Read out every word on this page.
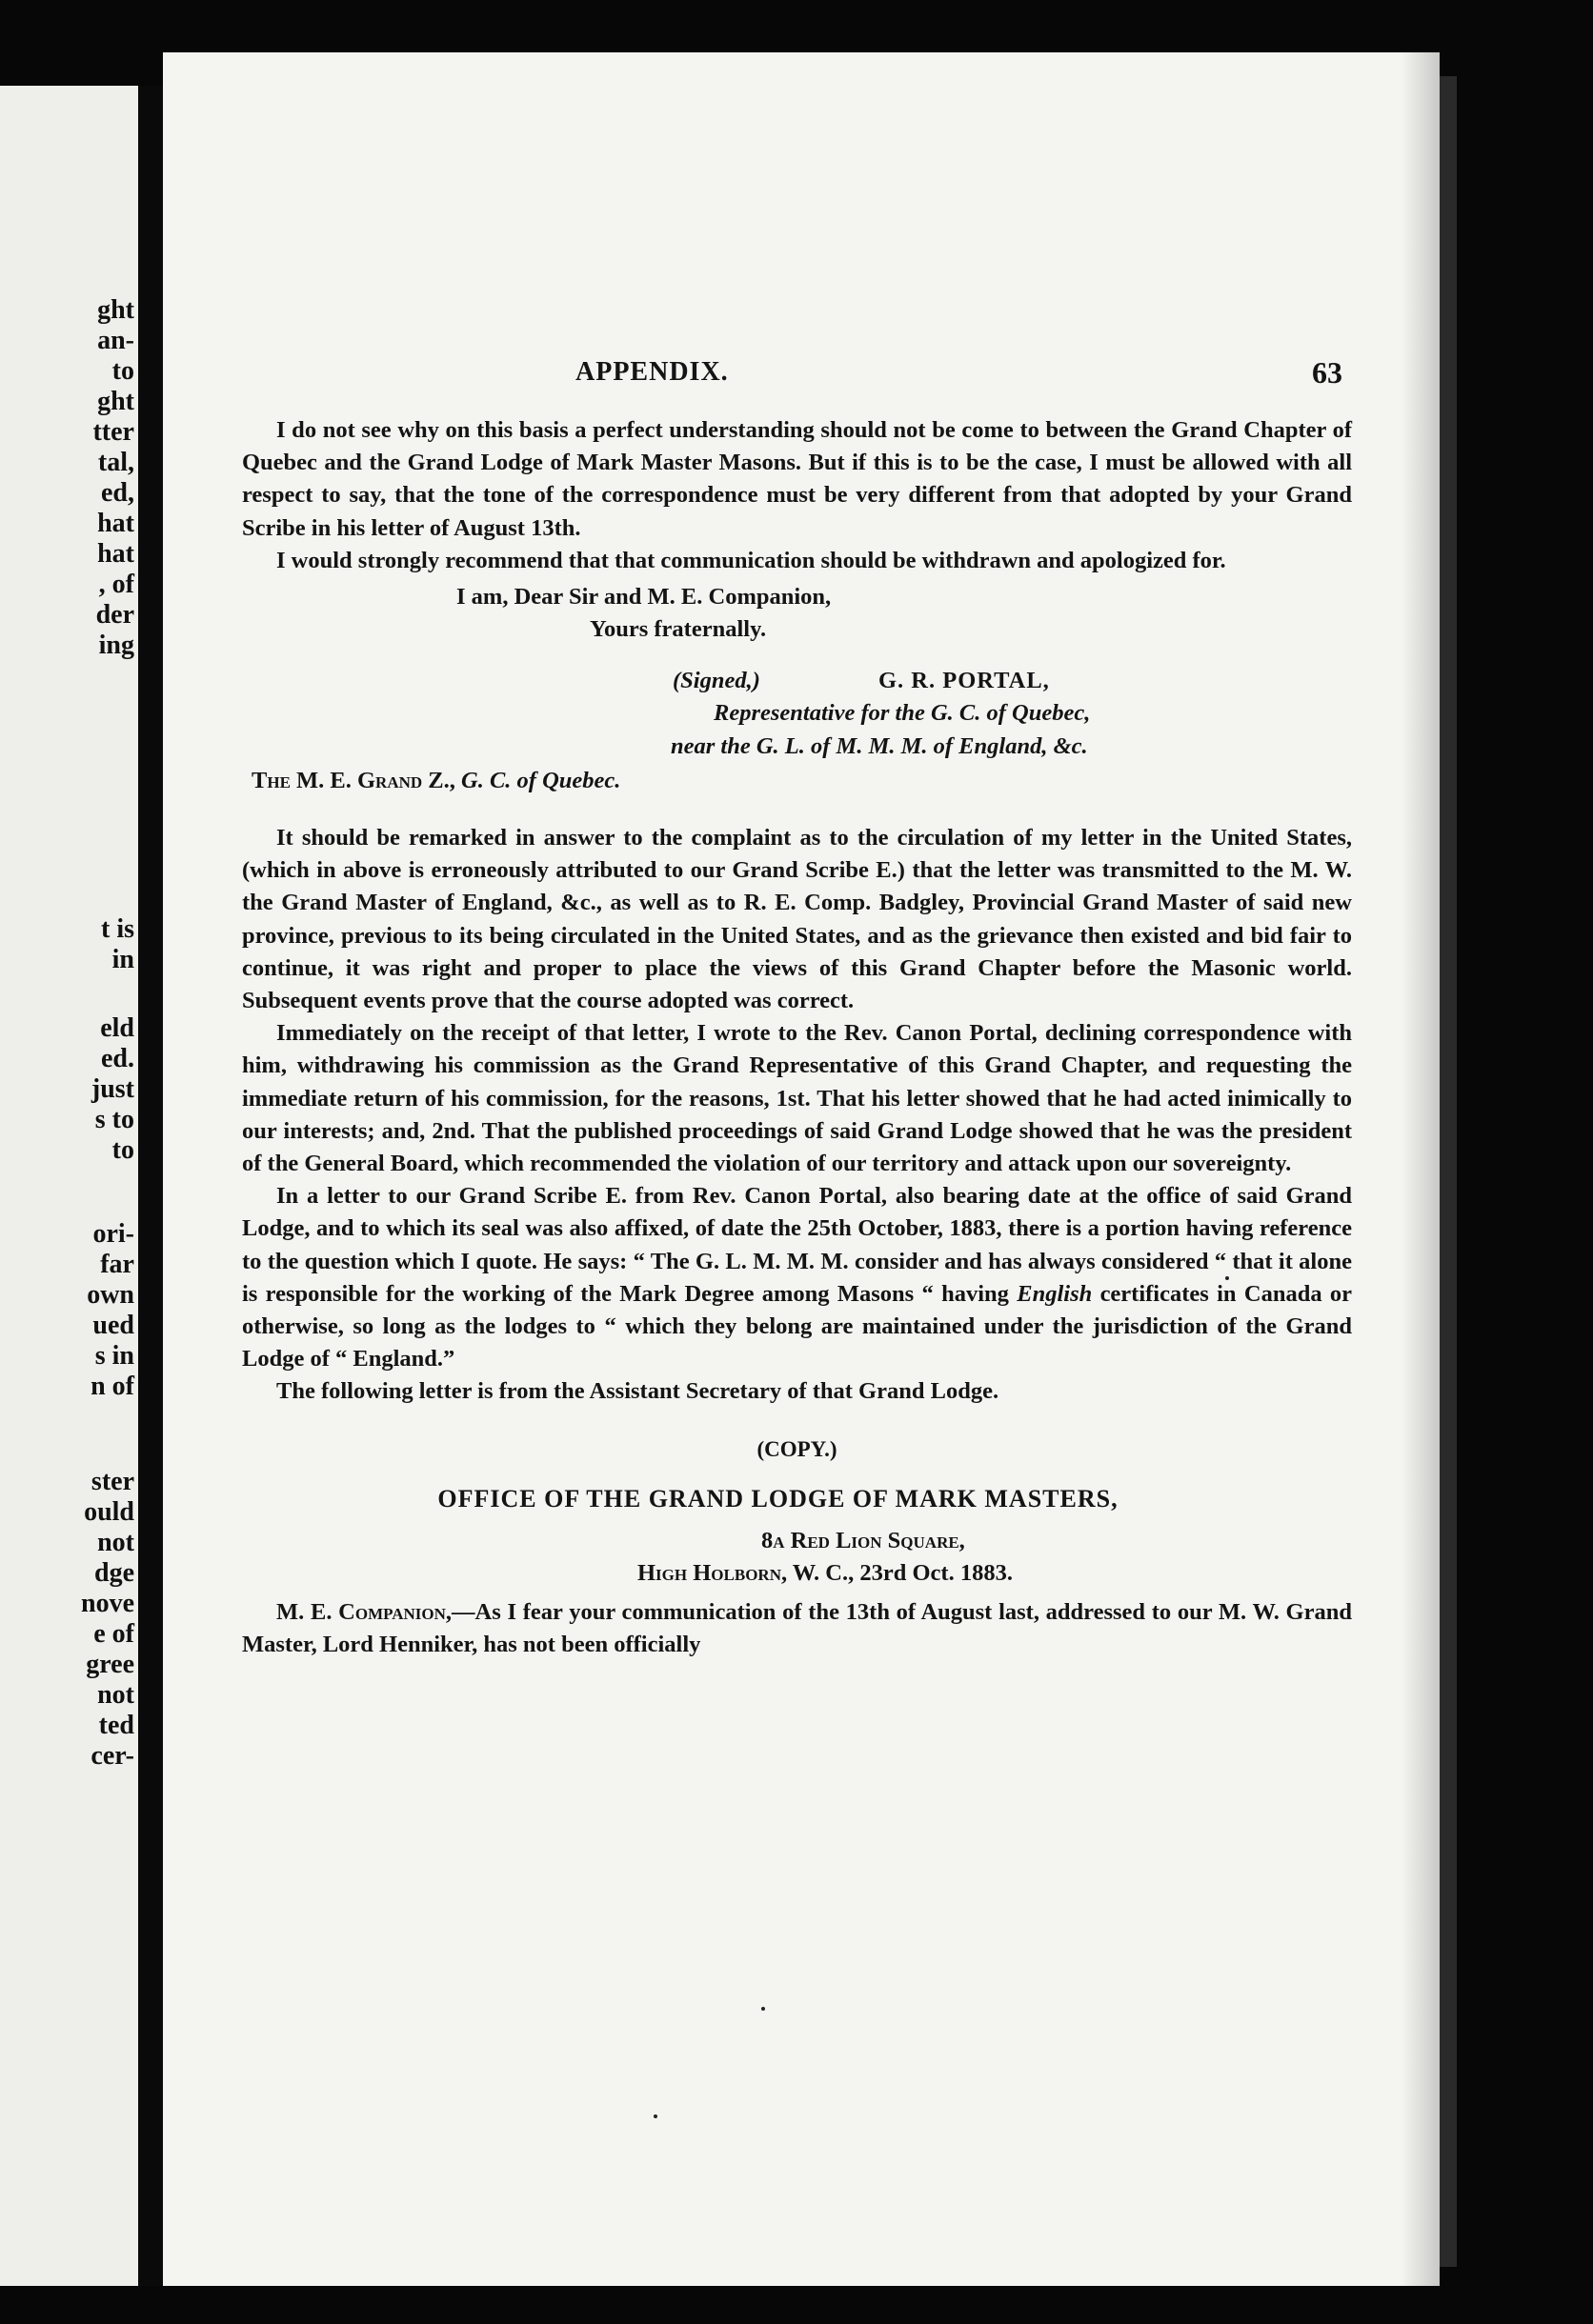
ght
an-
to
ght
tter
tal,
ed,
hat
hat
, of
der
ing
t is
in
eld
ed.
just
s to
to
ori-
far
own
ued
s in
n of
ster
ould
not
dge
nove
e of
gree
not
ted
cer-
APPENDIX.	63

I do not see why on this basis a perfect understanding should not be come to between the Grand Chapter of Quebec and the Grand Lodge of Mark Master Masons. But if this is to be the case, I must be allowed with all respect to say, that the tone of the correspondence must be very different from that adopted by your Grand Scribe in his letter of August 13th.

I would strongly recommend that that communication should be withdrawn and apologized for.

I am, Dear Sir and M. E. Companion,

Yours fraternally.

(Signed,)	G. R. PORTAL,

Representative for the G. C. of Quebec,

near the G. L. of M. M. M. of England, &c.

The M. E. Grand Z., G. C. of Quebec.

It should be remarked in answer to the complaint as to the circulation of my letter in the United States, (which in above is erroneously attributed to our Grand Scribe E.) that the letter was transmitted to the M. W. the Grand Master of England, &c., as well as to R. E. Comp. Badgley, Provincial Grand Master of said new province, previous to its being circulated in the United States, and as the grievance then existed and bid fair to continue, it was right and proper to place the views of this Grand Chapter before the Masonic world. Subsequent events prove that the course adopted was correct.

Immediately on the receipt of that letter, I wrote to the Rev. Canon Portal, declining correspondence with him, withdrawing his commission as the Grand Representative of this Grand Chapter, and requesting the immediate return of his commission, for the reasons, 1st. That his letter showed that he had acted inimically to our interests; and, 2nd. That the published proceedings of said Grand Lodge showed that he was the president of the General Board, which recommended the violation of our territory and attack upon our sovereignty.

In a letter to our Grand Scribe E. from Rev. Canon Portal, also bearing date at the office of said Grand Lodge, and to which its seal was also affixed, of date the 25th October, 1883, there is a portion having reference to the question which I quote. He says: “ The G. L. M. M. M. consider and has always considered “ that it alone is responsible for the working of the Mark Degree among Masons “ having English certificates in Canada or otherwise, so long as the lodges to “ which they belong are maintained under the jurisdiction of the Grand Lodge of “ England.”

The following letter is from the Assistant Secretary of that Grand Lodge.

(COPY.)

OFFICE OF THE GRAND LODGE OF MARK MASTERS,

8a Red Lion Square,

High Holborn, W. C., 23rd Oct. 1883.

M. E. Companion,—As I fear your communication of the 13th of August last, addressed to our M. W. Grand Master, Lord Henniker, has not been officially
